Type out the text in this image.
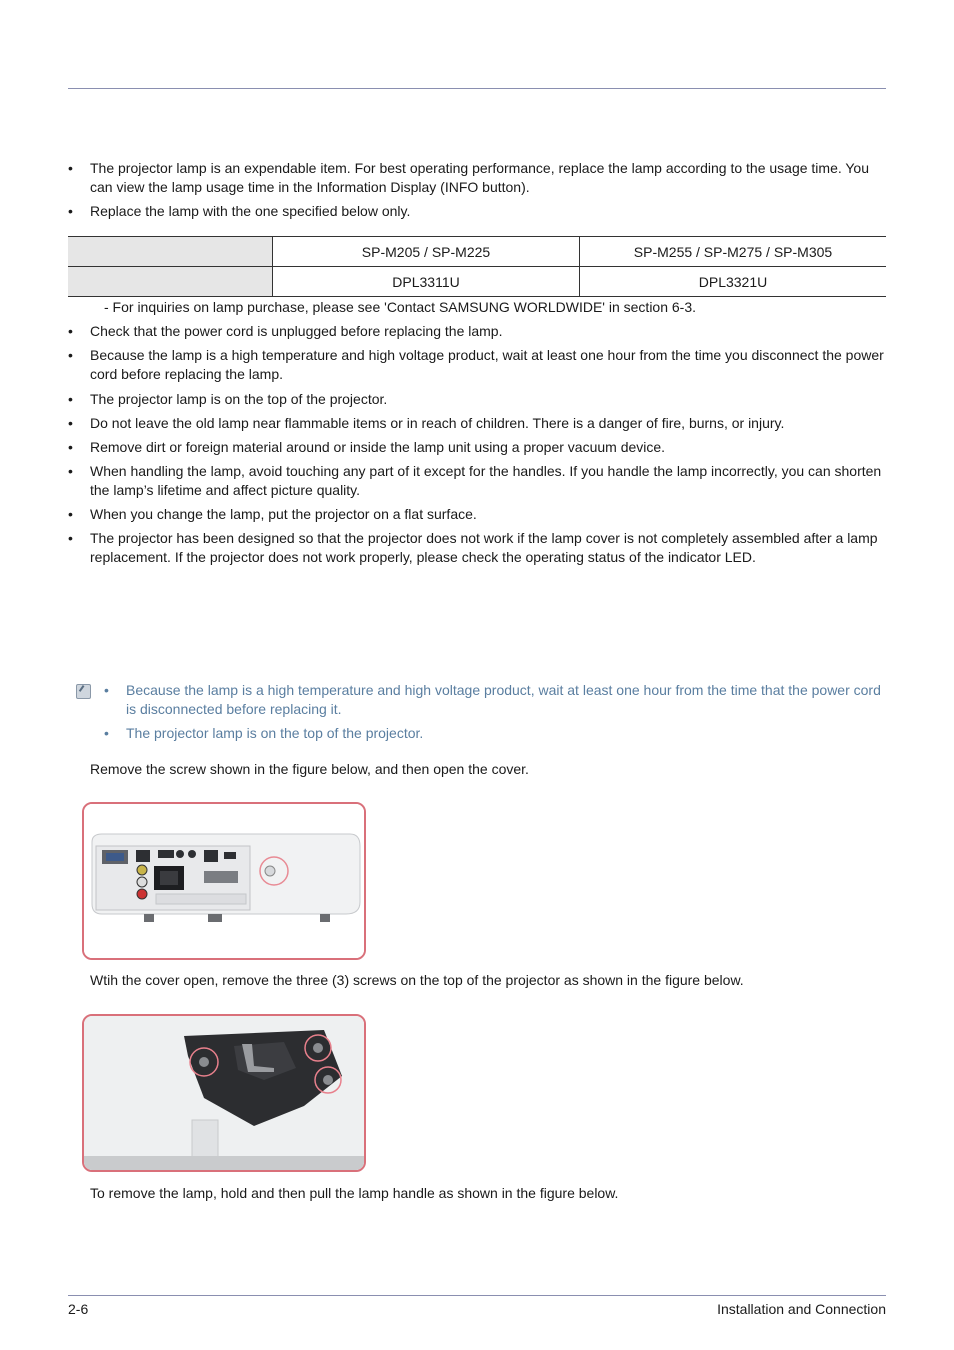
• The projector lamp is an expendable item. For best operating performance, replace the lamp according to the usage time. You can view the lamp usage time in the Information Display (INFO button).
• Replace the lamp with the one specified below only.
	SP-M205 / SP-M225	SP-M255 / SP-M275 / SP-M305
	DPL3311U	DPL3321U
- For inquiries on lamp purchase, please see 'Contact SAMSUNG WORLDWIDE' in section 6-3.
• Check that the power cord is unplugged before replacing the lamp.
• Because the lamp is a high temperature and high voltage product, wait at least one hour from the time you disconnect the power cord before replacing the lamp.
• The projector lamp is on the top of the projector.
• Do not leave the old lamp near flammable items or in reach of children. There is a danger of fire, burns, or injury.
• Remove dirt or foreign material around or inside the lamp unit using a proper vacuum device.
• When handling the lamp, avoid touching any part of it except for the handles. If you handle the lamp incorrectly, you can shorten the lamp’s lifetime and affect picture quality.
• When you change the lamp, put the projector on a flat surface.
• The projector has been designed so that the projector does not work if the lamp cover is not completely assembled after a lamp replacement. If the projector does not work properly, please check the operating status of the indicator LED.
• Because the lamp is a high temperature and high voltage product, wait at least one hour from the time that the power cord is disconnected before replacing it.
• The projector lamp is on the top of the projector.
Remove the screw shown in the figure below, and then open the cover.
Wtih the cover open, remove the three (3) screws on the top of the projector as shown in the figure below.
To remove the lamp, hold and then pull the lamp handle as shown in the figure below.
2-6	Installation and Connection
